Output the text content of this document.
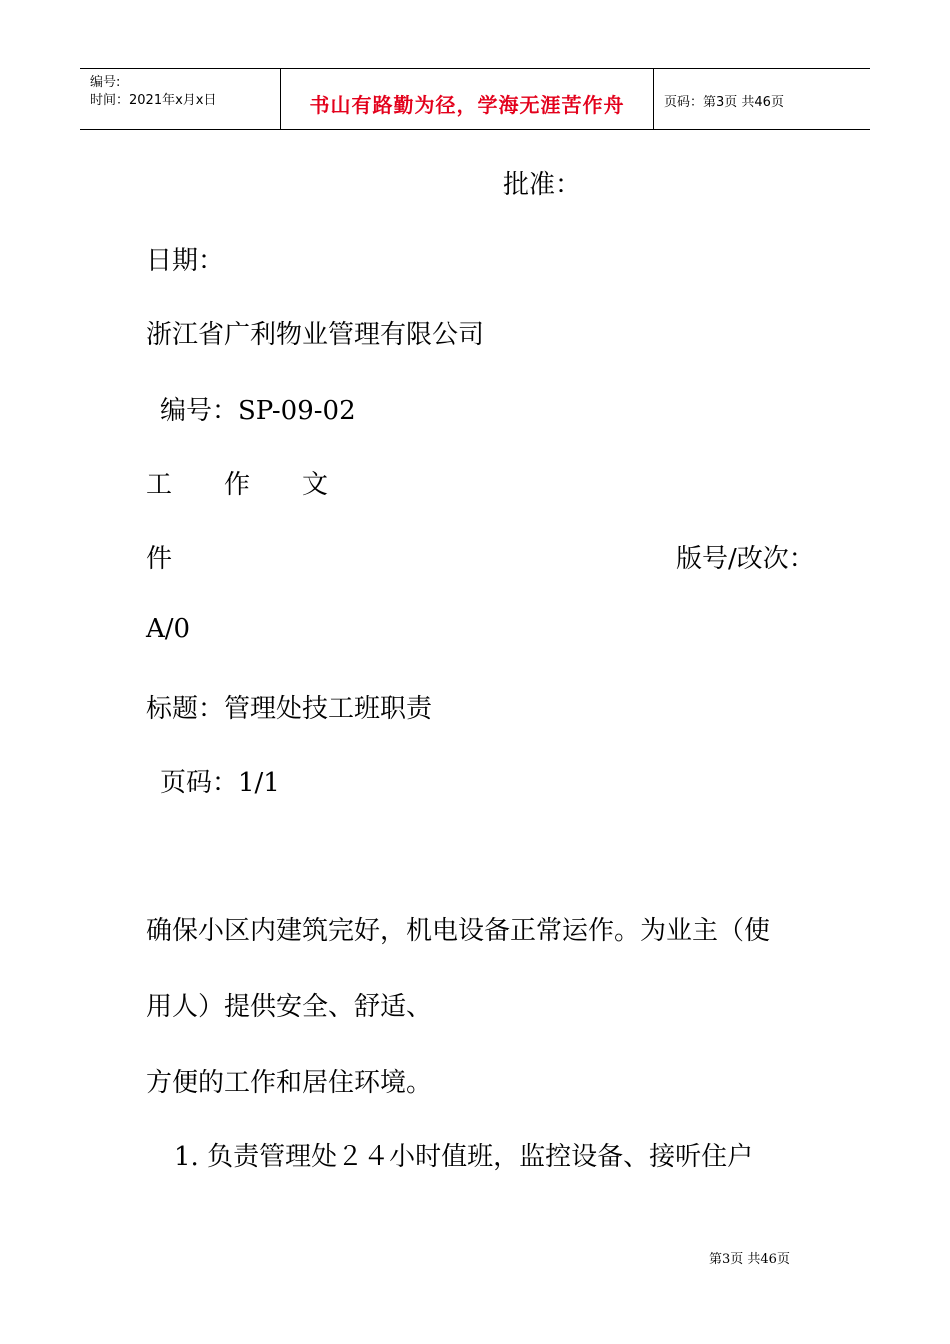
编号:
时间：2021年x月x日	书山有路勤为径，学海无涯苦作舟	页码：第3页 共46页
批准：
日期：
浙江省广利物业管理有限公司
编号：SP-09-02
工　　作　　文
件	版号/改次：
A/0
标题：管理处技工班职责
页码：1/1
确保小区内建筑完好，机电设备正常运作。为业主（使
用人）提供安全、舒适、
方便的工作和居住环境。
1. 负责管理处２４小时值班，监控设备、接听住户
第3页 共46页
